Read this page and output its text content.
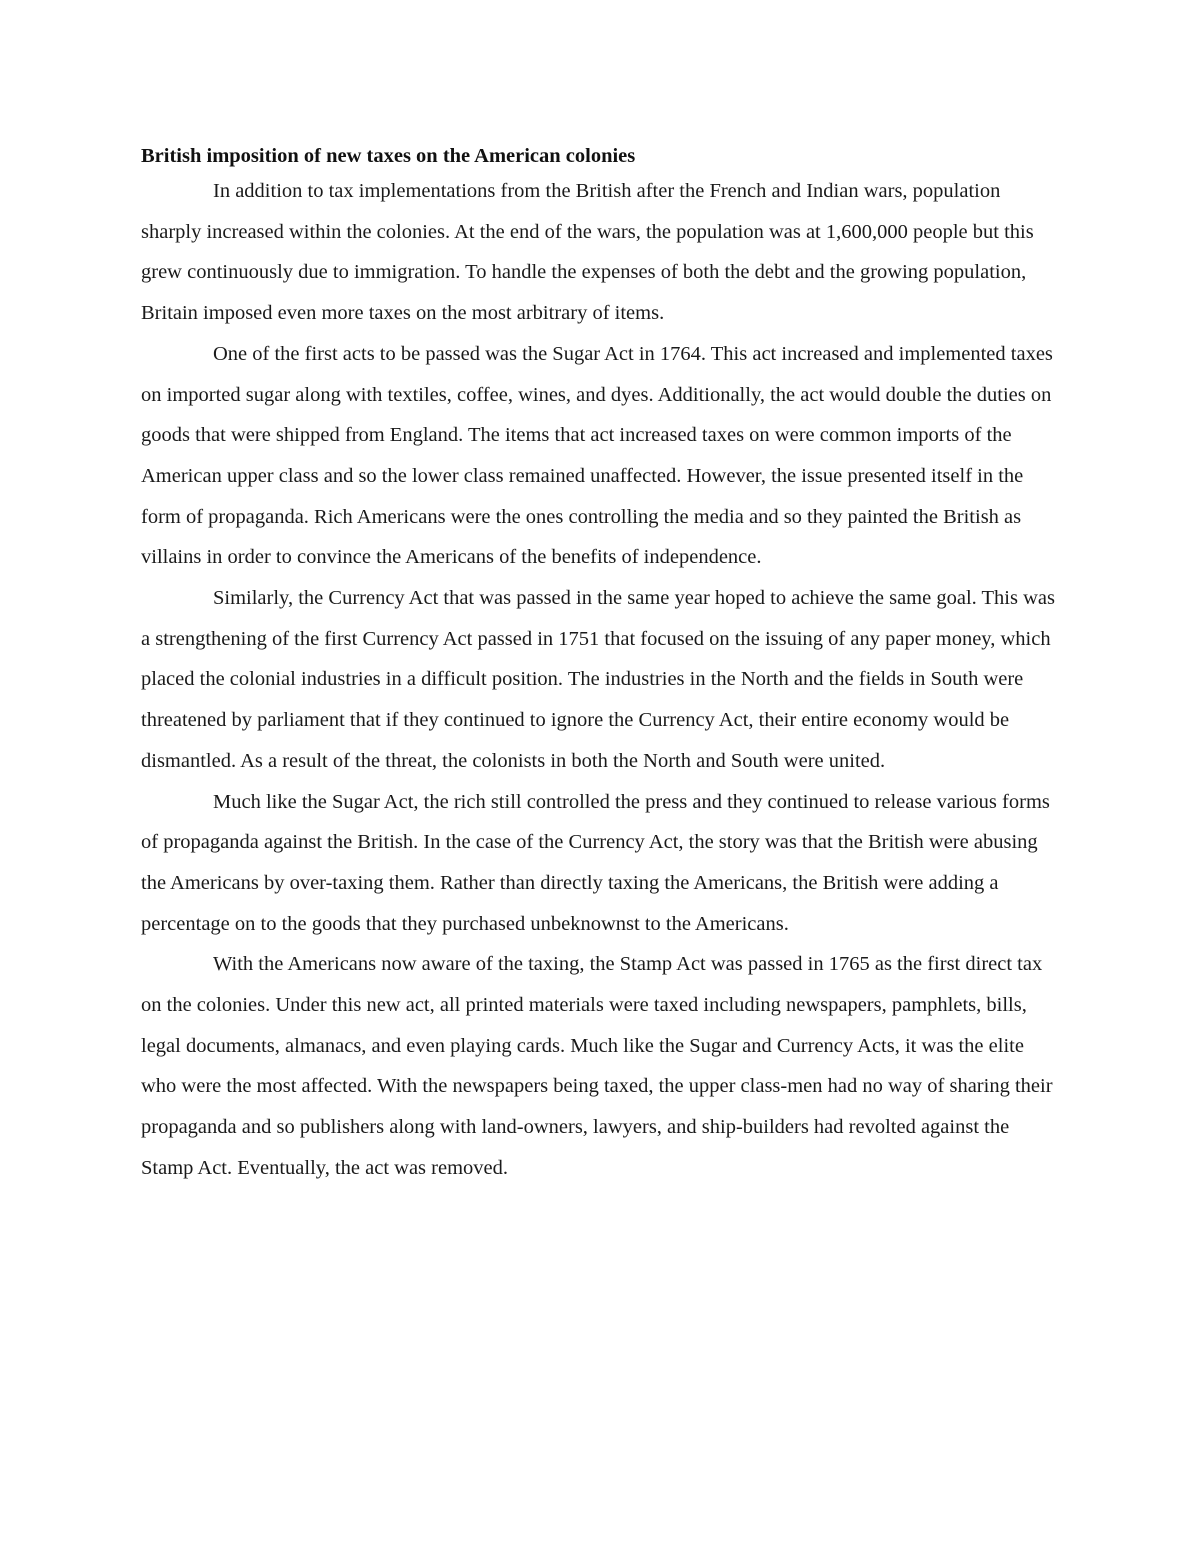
British imposition of new taxes on the American colonies

In addition to tax implementations from the British after the French and Indian wars, population sharply increased within the colonies. At the end of the wars, the population was at 1,600,000 people but this grew continuously due to immigration. To handle the expenses of both the debt and the growing population, Britain imposed even more taxes on the most arbitrary of items.

One of the first acts to be passed was the Sugar Act in 1764. This act increased and implemented taxes on imported sugar along with textiles, coffee, wines, and dyes. Additionally, the act would double the duties on goods that were shipped from England. The items that act increased taxes on were common imports of the American upper class and so the lower class remained unaffected. However, the issue presented itself in the form of propaganda. Rich Americans were the ones controlling the media and so they painted the British as villains in order to convince the Americans of the benefits of independence.

Similarly, the Currency Act that was passed in the same year hoped to achieve the same goal. This was a strengthening of the first Currency Act passed in 1751 that focused on the issuing of any paper money, which placed the colonial industries in a difficult position. The industries in the North and the fields in South were threatened by parliament that if they continued to ignore the Currency Act, their entire economy would be dismantled. As a result of the threat, the colonists in both the North and South were united.

Much like the Sugar Act, the rich still controlled the press and they continued to release various forms of propaganda against the British. In the case of the Currency Act, the story was that the British were abusing the Americans by over-taxing them. Rather than directly taxing the Americans, the British were adding a percentage on to the goods that they purchased unbeknownst to the Americans.

With the Americans now aware of the taxing, the Stamp Act was passed in 1765 as the first direct tax on the colonies. Under this new act, all printed materials were taxed including newspapers, pamphlets, bills, legal documents, almanacs, and even playing cards. Much like the Sugar and Currency Acts, it was the elite who were the most affected. With the newspapers being taxed, the upper class-men had no way of sharing their propaganda and so publishers along with land-owners, lawyers, and ship-builders had revolted against the Stamp Act. Eventually, the act was removed.
